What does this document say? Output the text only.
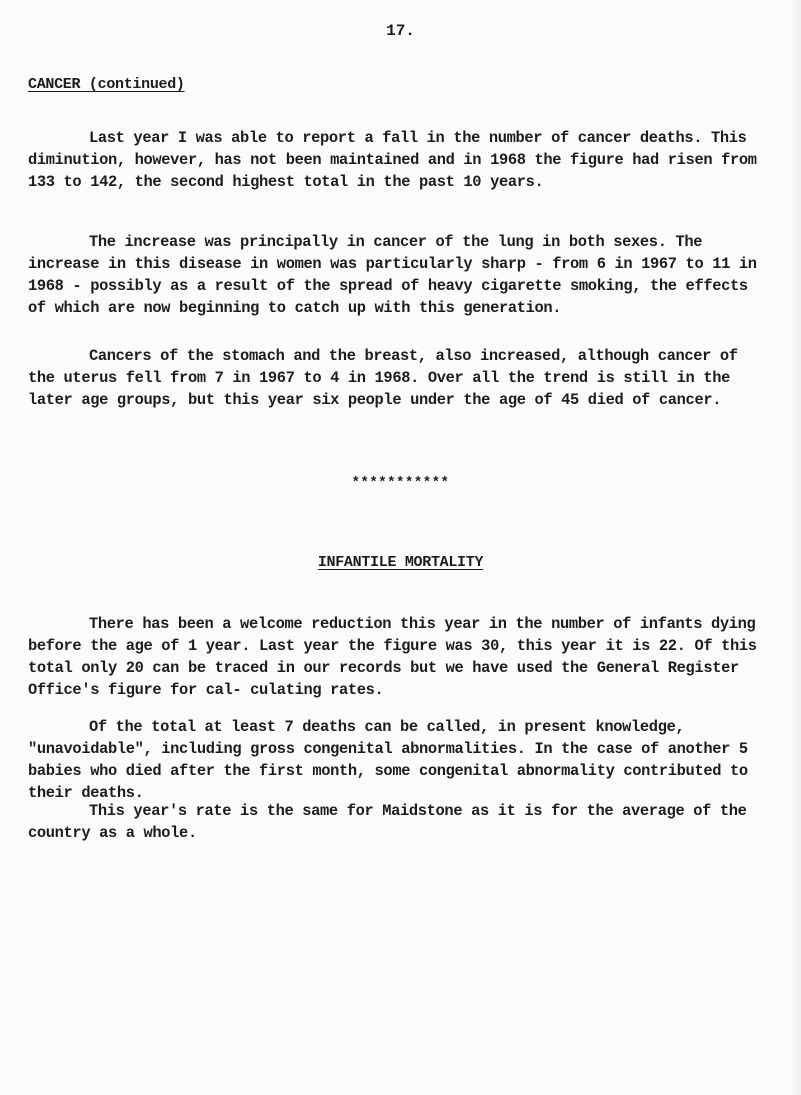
17.
CANCER (continued)

Last year I was able to report a fall in the number of cancer deaths. This diminution, however, has not been maintained and in 1968 the figure had risen from 133 to 142, the second highest total in the past 10 years.

The increase was principally in cancer of the lung in both sexes. The increase in this disease in women was particularly sharp - from 6 in 1967 to 11 in 1968 - possibly as a result of the spread of heavy cigarette smoking, the effects of which are now beginning to catch up with this generation.

Cancers of the stomach and the breast, also increased, although cancer of the uterus fell from 7 in 1967 to 4 in 1968. Over all the trend is still in the later age groups, but this year six people under the age of 45 died of cancer.

***********
INFANTILE MORTALITY

There has been a welcome reduction this year in the number of infants dying before the age of 1 year. Last year the figure was 30, this year it is 22. Of this total only 20 can be traced in our records but we have used the General Register Office's figure for cal- culating rates.

Of the total at least 7 deaths can be called, in present knowledge, "unavoidable", including gross congenital abnormalities. In the case of another 5 babies who died after the first month, some congenital abnormality contributed to their deaths.

This year's rate is the same for Maidstone as it is for the average of the country as a whole.
